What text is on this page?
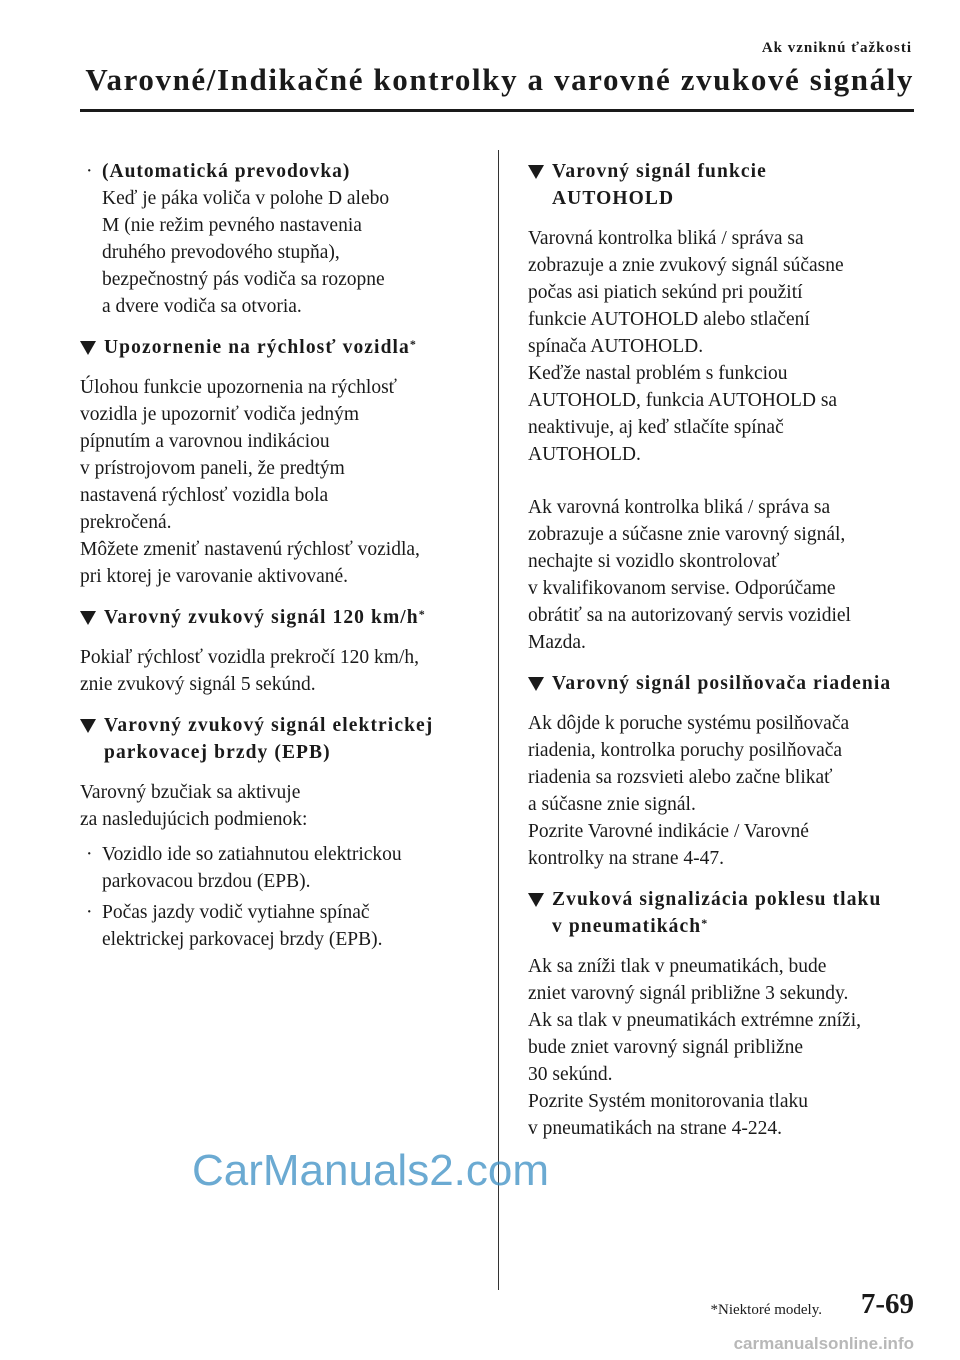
Ak vzniknú ťažkosti
Varovné/Indikačné kontrolky a varovné zvukové signály
· (Automatická prevodovka)
Keď je páka voliča v polohe D alebo
M (nie režim pevného nastavenia
druhého prevodového stupňa),
bezpečnostný pás vodiča sa rozopne
a dvere vodiča sa otvoria.
Upozornenie na rýchlosť vozidla*

Úlohou funkcie upozornenia na rýchlosť
vozidla je upozorniť vodiča jedným
pípnutím a varovnou indikáciou
v prístrojovom paneli, že predtým
nastavená rýchlosť vozidla bola
prekročená.
Môžete zmeniť nastavenú rýchlosť vozidla,
pri ktorej je varovanie aktivované.

Varovný zvukový signál 120 km/h*

Pokiaľ rýchlosť vozidla prekročí 120 km/h,
znie zvukový signál 5 sekúnd.

Varovný zvukový signál elektrickej
parkovacej brzdy (EPB)

Varovný bzučiak sa aktivuje
za nasledujúcich podmienok:

· Vozidlo ide so zatiahnutou elektrickou
parkovacou brzdou (EPB).
· Počas jazdy vodič vytiahne spínač
elektrickej parkovacej brzdy (EPB).
Varovný signál funkcie
AUTOHOLD

Varovná kontrolka bliká / správa sa
zobrazuje a znie zvukový signál súčasne
počas asi piatich sekúnd pri použití
funkcie AUTOHOLD alebo stlačení
spínača AUTOHOLD.
Keďže nastal problém s funkciou
AUTOHOLD, funkcia AUTOHOLD sa
neaktivuje, aj keď stlačíte spínač
AUTOHOLD.

Ak varovná kontrolka bliká / správa sa
zobrazuje a súčasne znie varovný signál,
nechajte si vozidlo skontrolovať
v kvalifikovanom servise. Odporúčame
obrátiť sa na autorizovaný servis vozidiel
Mazda.

Varovný signál posilňovača riadenia

Ak dôjde k poruche systému posilňovača
riadenia, kontrolka poruchy posilňovača
riadenia sa rozsvieti alebo začne blikať
a súčasne znie signál.
Pozrite Varovné indikácie / Varovné
kontrolky na strane 4-47.

Zvuková signalizácia poklesu tlaku
v pneumatikách*

Ak sa zníži tlak v pneumatikách, bude
zniet varovný signál približne 3 sekundy.
Ak sa tlak v pneumatikách extrémne zníži,
bude zniet varovný signál približne
30 sekúnd.
Pozrite Systém monitorovania tlaku
v pneumatikách na strane 4-224.

CarManuals2.com
*Niektoré modely. 7-69
carmanualsonline.info
